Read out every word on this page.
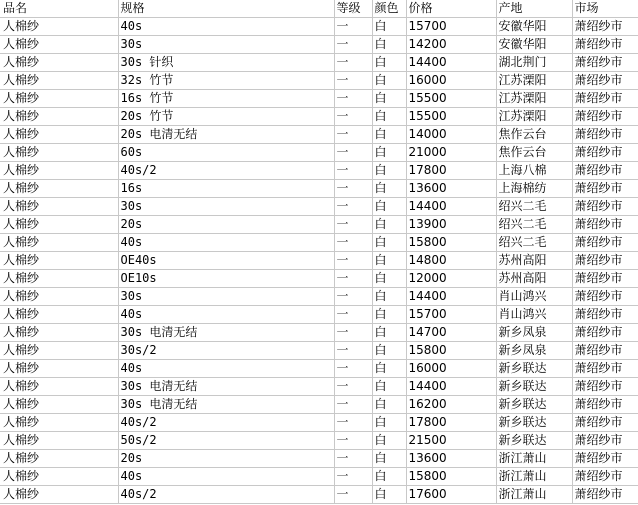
品名	规格	等级	颜色	价格	产地	市场
人棉纱	40s	一	白	15700	安徽华阳	萧绍纱市
人棉纱	30s	一	白	14200	安徽华阳	萧绍纱市
人棉纱	30s 针织	一	白	14400	湖北荆门	萧绍纱市
人棉纱	32s 竹节	一	白	16000	江苏溧阳	萧绍纱市
人棉纱	16s 竹节	一	白	15500	江苏溧阳	萧绍纱市
人棉纱	20s 竹节	一	白	15500	江苏溧阳	萧绍纱市
人棉纱	20s 电清无结	一	白	14000	焦作云台	萧绍纱市
人棉纱	60s	一	白	21000	焦作云台	萧绍纱市
人棉纱	40s/2	一	白	17800	上海八棉	萧绍纱市
人棉纱	16s	一	白	13600	上海棉纺	萧绍纱市
人棉纱	30s	一	白	14400	绍兴二毛	萧绍纱市
人棉纱	20s	一	白	13900	绍兴二毛	萧绍纱市
人棉纱	40s	一	白	15800	绍兴二毛	萧绍纱市
人棉纱	OE40s	一	白	14800	苏州高阳	萧绍纱市
人棉纱	OE10s	一	白	12000	苏州高阳	萧绍纱市
人棉纱	30s	一	白	14400	肖山鸿兴	萧绍纱市
人棉纱	40s	一	白	15700	肖山鸿兴	萧绍纱市
人棉纱	30s 电清无结	一	白	14700	新乡凤泉	萧绍纱市
人棉纱	30s/2	一	白	15800	新乡凤泉	萧绍纱市
人棉纱	40s	一	白	16000	新乡联达	萧绍纱市
人棉纱	30s 电清无结	一	白	14400	新乡联达	萧绍纱市
人棉纱	30s 电清无结	一	白	16200	新乡联达	萧绍纱市
人棉纱	40s/2	一	白	17800	新乡联达	萧绍纱市
人棉纱	50s/2	一	白	21500	新乡联达	萧绍纱市
人棉纱	20s	一	白	13600	浙江萧山	萧绍纱市
人棉纱	40s	一	白	15800	浙江萧山	萧绍纱市
人棉纱	40s/2	一	白	17600	浙江萧山	萧绍纱市
